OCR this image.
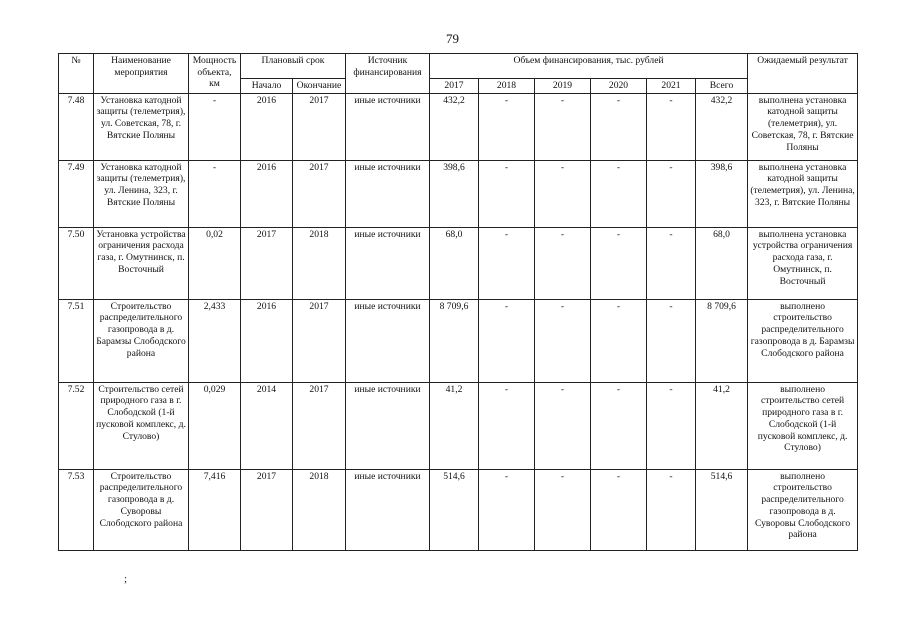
79
№	Наименование мероприятия	Мощность объекта, км	Плановый срок		Источник финансирования	Объем финансирования, тыс. рублей						Ожидаемый результат
			Начало	Окончание		2017	2018	2019	2020	2021	Всего	
7.48	Установка катодной защиты (телеметрия), ул. Советская, 78, г. Вятские Поляны	-	2016	2017	иные источники	432,2	-	-	-	-	432,2	выполнена установка катодной защиты (телеметрия), ул. Советская, 78, г. Вятские Поляны
7.49	Установка катодной защиты (телеметрия), ул. Ленина, 323, г. Вятские Поляны	-	2016	2017	иные источники	398,6	-	-	-	-	398,6	выполнена установка катодной защиты (телеметрия), ул. Ленина, 323, г. Вятские Поляны
7.50	Установка устройства ограничения расхода газа, г. Омутнинск, п. Восточный	0,02	2017	2018	иные источники	68,0	-	-	-	-	68,0	выполнена установка устройства ограничения расхода газа, г. Омутнинск, п. Восточный
7.51	Строительство распределительного газопровода в д. Барамзы Слободского района	2,433	2016	2017	иные источники	8 709,6	-	-	-	-	8 709,6	выполнено строительство распределительного газопровода в д. Барамзы Слободского района
7.52	Строительство сетей природного газа в г. Слободской (1-й пусковой комплекс, д. Стулово)	0,029	2014	2017	иные источники	41,2	-	-	-	-	41,2	выполнено строительство сетей природного газа в г. Слободской (1-й пусковой комплекс, д. Стулово)
7.53	Строительство распределительного газопровода в д. Суворовы Слободского района	7,416	2017	2018	иные источники	514,6	-	-	-	-	514,6	выполнено строительство распределительного газопровода в д. Суворовы Слободского района
;
